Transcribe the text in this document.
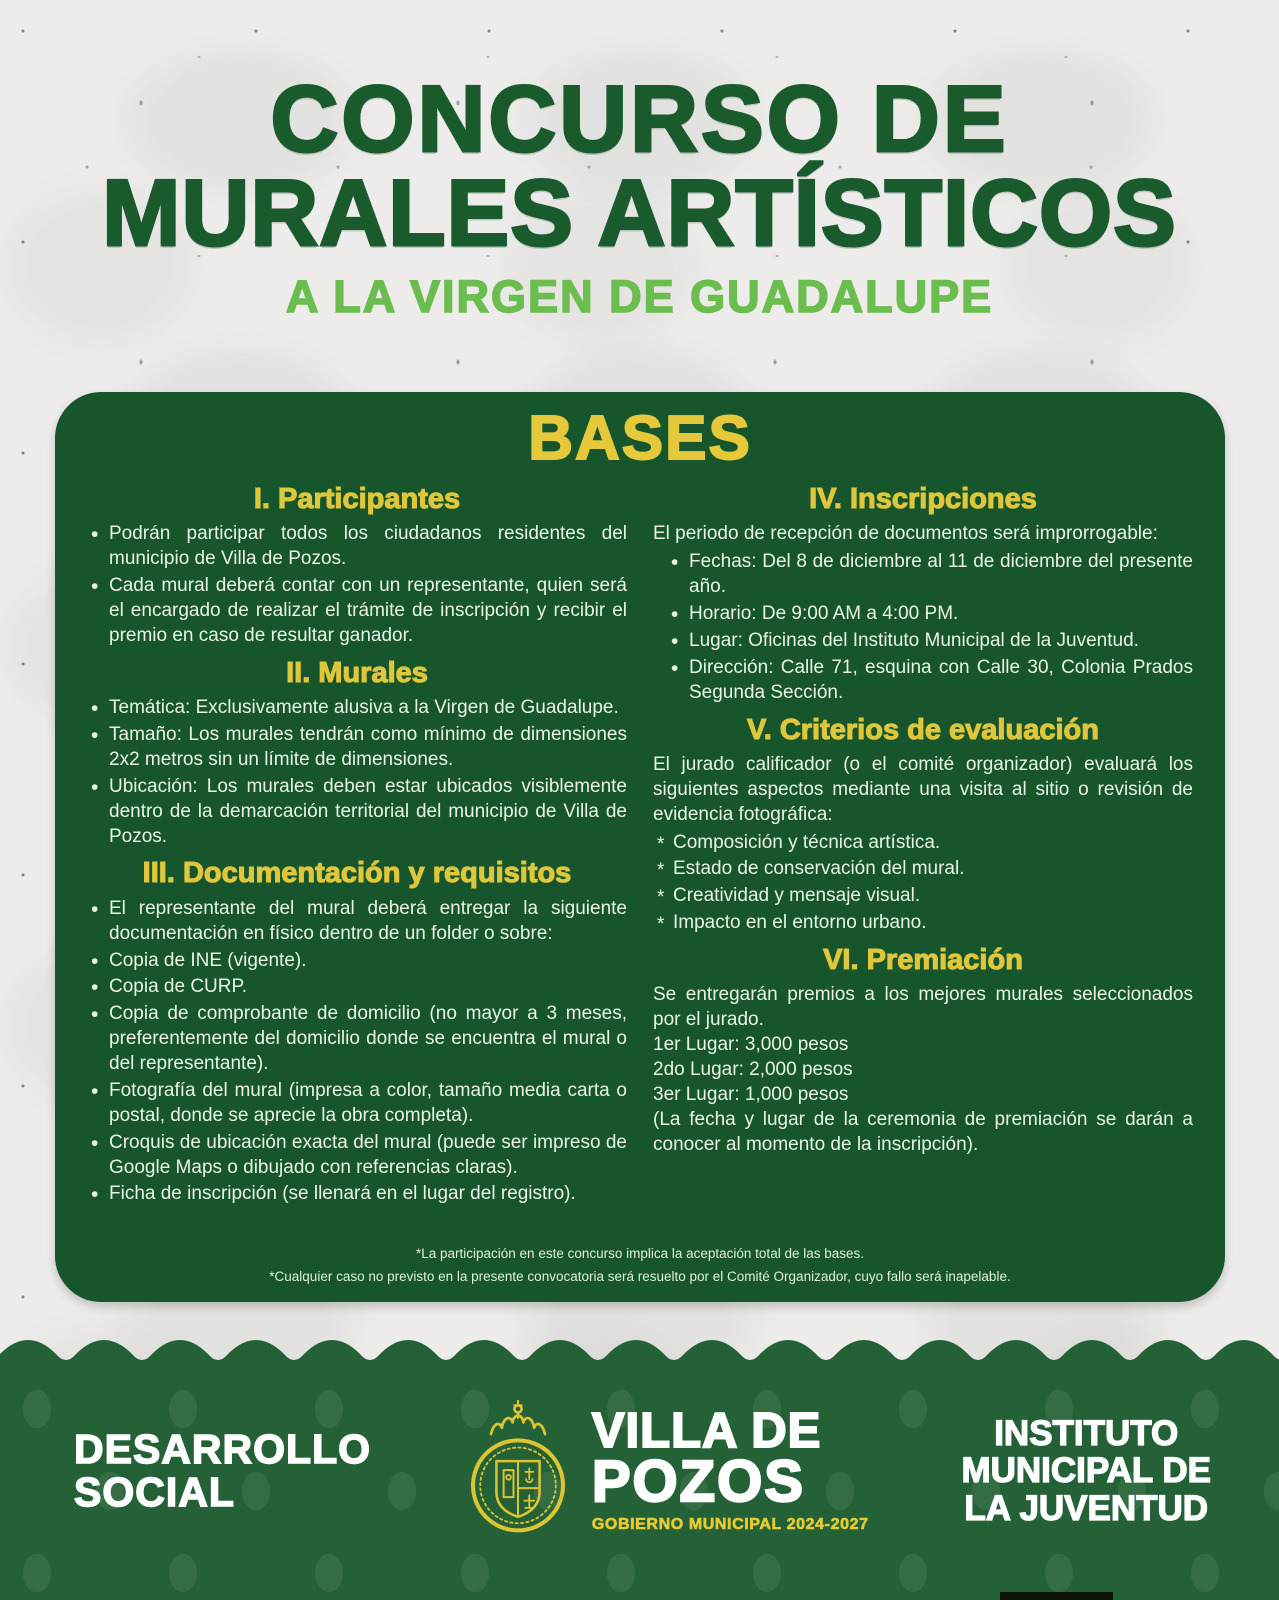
CONCURSO DE
MURALES ARTÍSTICOS
A LA VIRGEN DE GUADALUPE
BASES
I. Participantes
• Podrán participar todos los ciudadanos residentes del municipio de Villa de Pozos.
• Cada mural deberá contar con un representante, quien será el encargado de realizar el trámite de inscripción y recibir el premio en caso de resultar ganador.
II. Murales
• Temática: Exclusivamente alusiva a la Virgen de Guadalupe.
• Tamaño: Los murales tendrán como mínimo de dimensiones 2x2 metros sin un límite de dimensiones.
• Ubicación: Los murales deben estar ubicados visiblemente dentro de la demarcación territorial del municipio de Villa de Pozos.
III. Documentación y requisitos
• El representante del mural deberá entregar la siguiente documentación en físico dentro de un folder o sobre:
• Copia de INE (vigente).
• Copia de CURP.
• Copia de comprobante de domicilio (no mayor a 3 meses, preferentemente del domicilio donde se encuentra el mural o del representante).
• Fotografía del mural (impresa a color, tamaño media carta o postal, donde se aprecie la obra completa).
• Croquis de ubicación exacta del mural (puede ser impreso de Google Maps o dibujado con referencias claras).
• Ficha de inscripción (se llenará en el lugar del registro).
IV. Inscripciones

El periodo de recepción de documentos será improrrogable:

• Fechas: Del 8 de diciembre al 11 de diciembre del presente año.
• Horario: De 9:00 AM a 4:00 PM.
• Lugar: Oficinas del Instituto Municipal de la Juventud.
• Dirección: Calle 71, esquina con Calle 30, Colonia Prados Segunda Sección.
V. Criterios de evaluación

El jurado calificador (o el comité organizador) evaluará los siguientes aspectos mediante una visita al sitio o revisión de evidencia fotográfica:

* Composición y técnica artística.
* Estado de conservación del mural.
* Creatividad y mensaje visual.
* Impacto en el entorno urbano.
VI. Premiación

Se entregarán premios a los mejores murales seleccionados por el jurado.

1er Lugar: 3,000 pesos

2do Lugar: 2,000 pesos

3er Lugar: 1,000 pesos

(La fecha y lugar de la ceremonia de premiación se darán a conocer al momento de la inscripción).

*La participación en este concurso implica la aceptación total de las bases.
*Cualquier caso no previsto en la presente convocatoria será resuelto por el Comité Organizador, cuyo fallo será inapelable.
DESARROLLO
SOCIAL
VILLA DE
POZOS
GOBIERNO MUNICIPAL 2024-2027
INSTITUTO
MUNICIPAL DE
LA JUVENTUD
